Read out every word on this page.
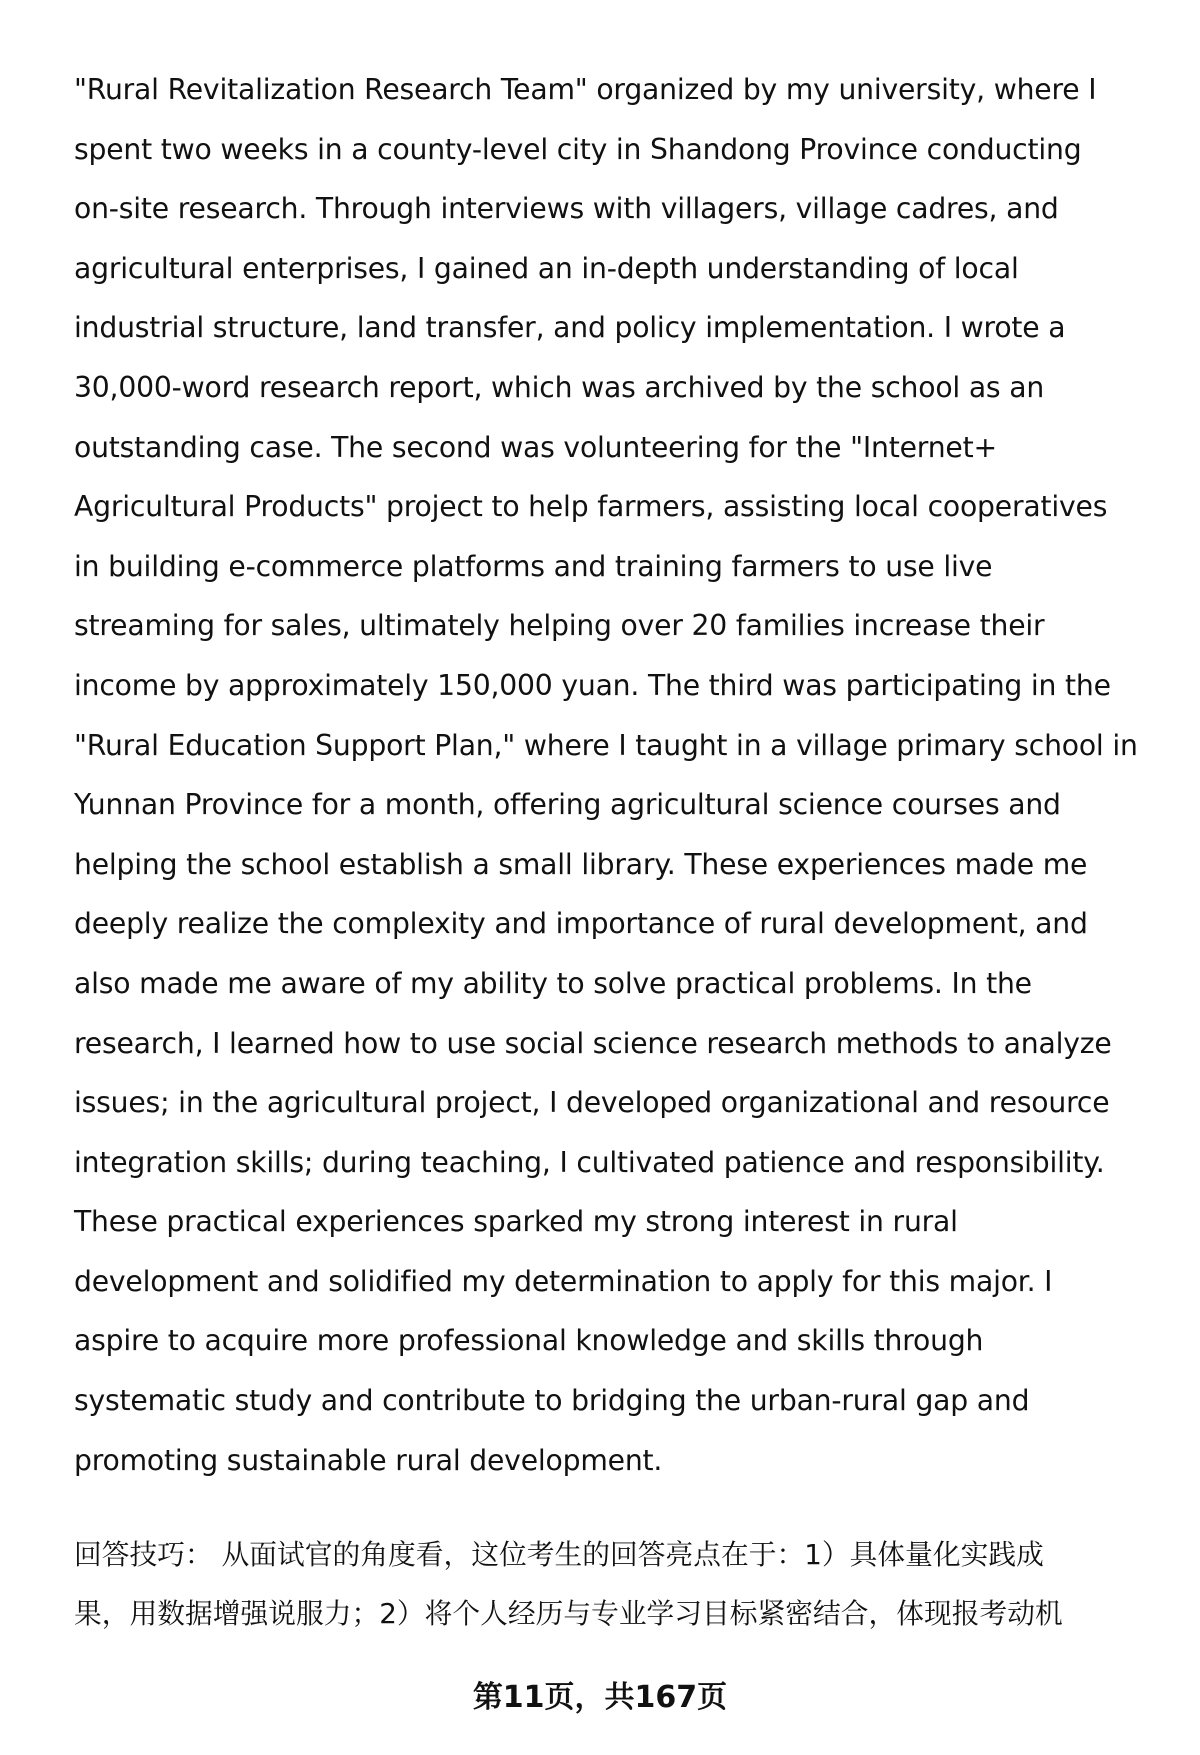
"Rural Revitalization Research Team" organized by my university, where I
spent two weeks in a county-level city in Shandong Province conducting
on-site research. Through interviews with villagers, village cadres, and
agricultural enterprises, I gained an in-depth understanding of local
industrial structure, land transfer, and policy implementation. I wrote a
30,000-word research report, which was archived by the school as an
outstanding case. The second was volunteering for the "Internet+
Agricultural Products" project to help farmers, assisting local cooperatives
in building e-commerce platforms and training farmers to use live
streaming for sales, ultimately helping over 20 families increase their
income by approximately 150,000 yuan. The third was participating in the
"Rural Education Support Plan," where I taught in a village primary school in
Yunnan Province for a month, offering agricultural science courses and
helping the school establish a small library. These experiences made me
deeply realize the complexity and importance of rural development, and
also made me aware of my ability to solve practical problems. In the
research, I learned how to use social science research methods to analyze
issues; in the agricultural project, I developed organizational and resource
integration skills; during teaching, I cultivated patience and responsibility.
These practical experiences sparked my strong interest in rural
development and solidified my determination to apply for this major. I
aspire to acquire more professional knowledge and skills through
systematic study and contribute to bridging the urban-rural gap and
promoting sustainable rural development.
回答技巧： 从面试官的角度看，这位考生的回答亮点在于：1）具体量化实践成
果，用数据增强说服力；2）将个人经历与专业学习目标紧密结合，体现报考动机
第11页，共167页
